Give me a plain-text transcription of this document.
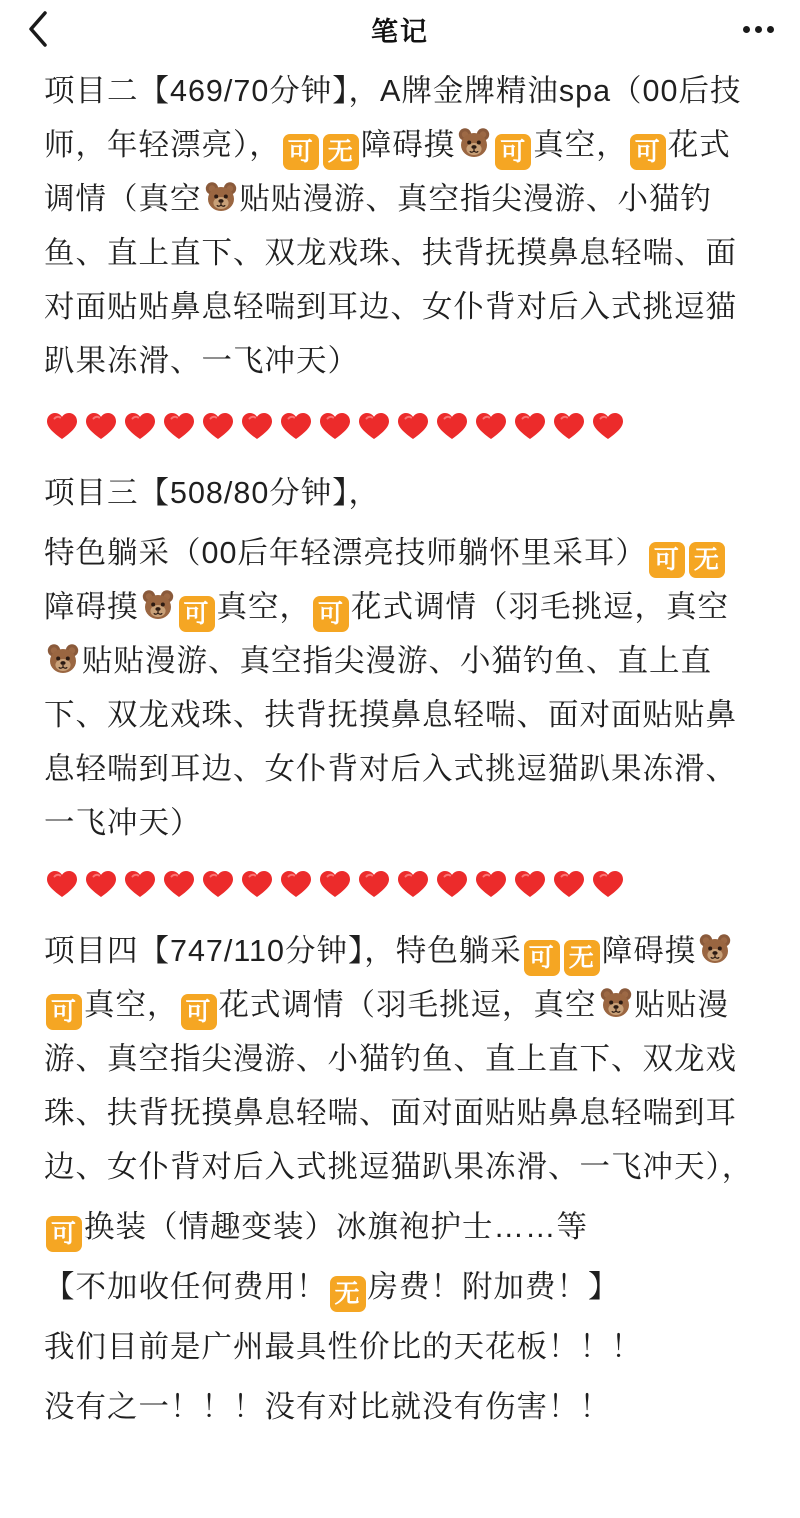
笔记

项目二【469/70分钟】，A牌金牌精油spa（00后技师，年轻漂亮）， 可 无 障碍摸 可 真空， 可 花式调情（真空 贴贴漫游、真空指尖漫游、小猫钓鱼、直上直下、双龙戏珠、扶背抚摸鼻息轻喘、面对面贴贴鼻息轻喘到耳边、女仆背对后入式挑逗猫趴果冻滑、一飞冲天）

项目三【508/80分钟】，

特色躺采（00后年轻漂亮技师躺怀里采耳） 可 无障碍摸 可 真空， 可 花式调情（羽毛挑逗，真空贴贴漫游、真空指尖漫游、小猫钓鱼、直上直下、双龙戏珠、扶背抚摸鼻息轻喘、面对面贴贴鼻息轻喘到耳边、女仆背对后入式挑逗猫趴果冻滑、一飞冲天）

项目四【747/110分钟】，特色躺采 可 无 障碍摸可 真空， 可 花式调情（羽毛挑逗，真空 贴贴漫游、真空指尖漫游、小猫钓鱼、直上直下、双龙戏珠、扶背抚摸鼻息轻喘、面对面贴贴鼻息轻喘到耳边、女仆背对后入式挑逗猫趴果冻滑、一飞冲天），

可 换装（情趣变装）冰旗袍护士……等

【不加收任何费用！ 无 房费！附加费！】

我们目前是广州最具性价比的天花板！！！

没有之一！！！没有对比就没有伤害！！
